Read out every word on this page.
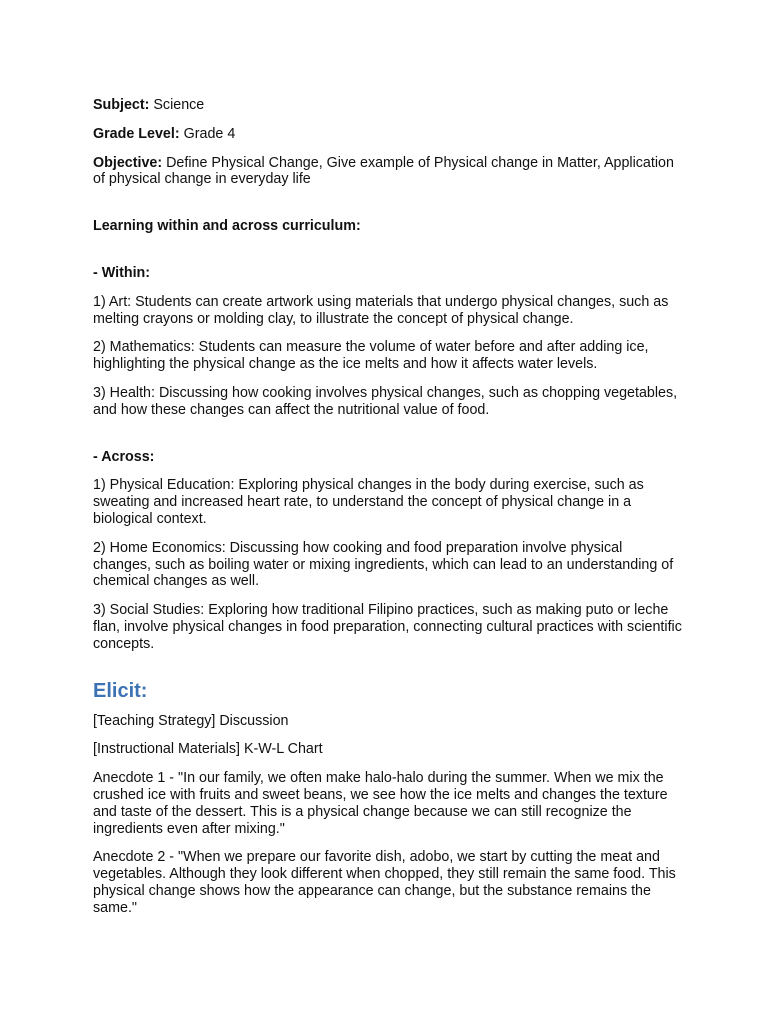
Subject: Science

Grade Level: Grade 4

Objective: Define Physical Change, Give example of Physical change in Matter, Application of physical change in everyday life

Learning within and across curriculum:

- Within:

1) Art: Students can create artwork using materials that undergo physical changes, such as melting crayons or molding clay, to illustrate the concept of physical change.

2) Mathematics: Students can measure the volume of water before and after adding ice, highlighting the physical change as the ice melts and how it affects water levels.

3) Health: Discussing how cooking involves physical changes, such as chopping vegetables, and how these changes can affect the nutritional value of food.

- Across:

1) Physical Education: Exploring physical changes in the body during exercise, such as sweating and increased heart rate, to understand the concept of physical change in a biological context.

2) Home Economics: Discussing how cooking and food preparation involve physical changes, such as boiling water or mixing ingredients, which can lead to an understanding of chemical changes as well.

3) Social Studies: Exploring how traditional Filipino practices, such as making puto or leche flan, involve physical changes in food preparation, connecting cultural practices with scientific concepts.

Elicit:

[Teaching Strategy] Discussion

[Instructional Materials] K-W-L Chart

Anecdote 1 - "In our family, we often make halo-halo during the summer. When we mix the crushed ice with fruits and sweet beans, we see how the ice melts and changes the texture and taste of the dessert. This is a physical change because we can still recognize the ingredients even after mixing."

Anecdote 2 - "When we prepare our favorite dish, adobo, we start by cutting the meat and vegetables. Although they look different when chopped, they still remain the same food. This physical change shows how the appearance can change, but the substance remains the same."
